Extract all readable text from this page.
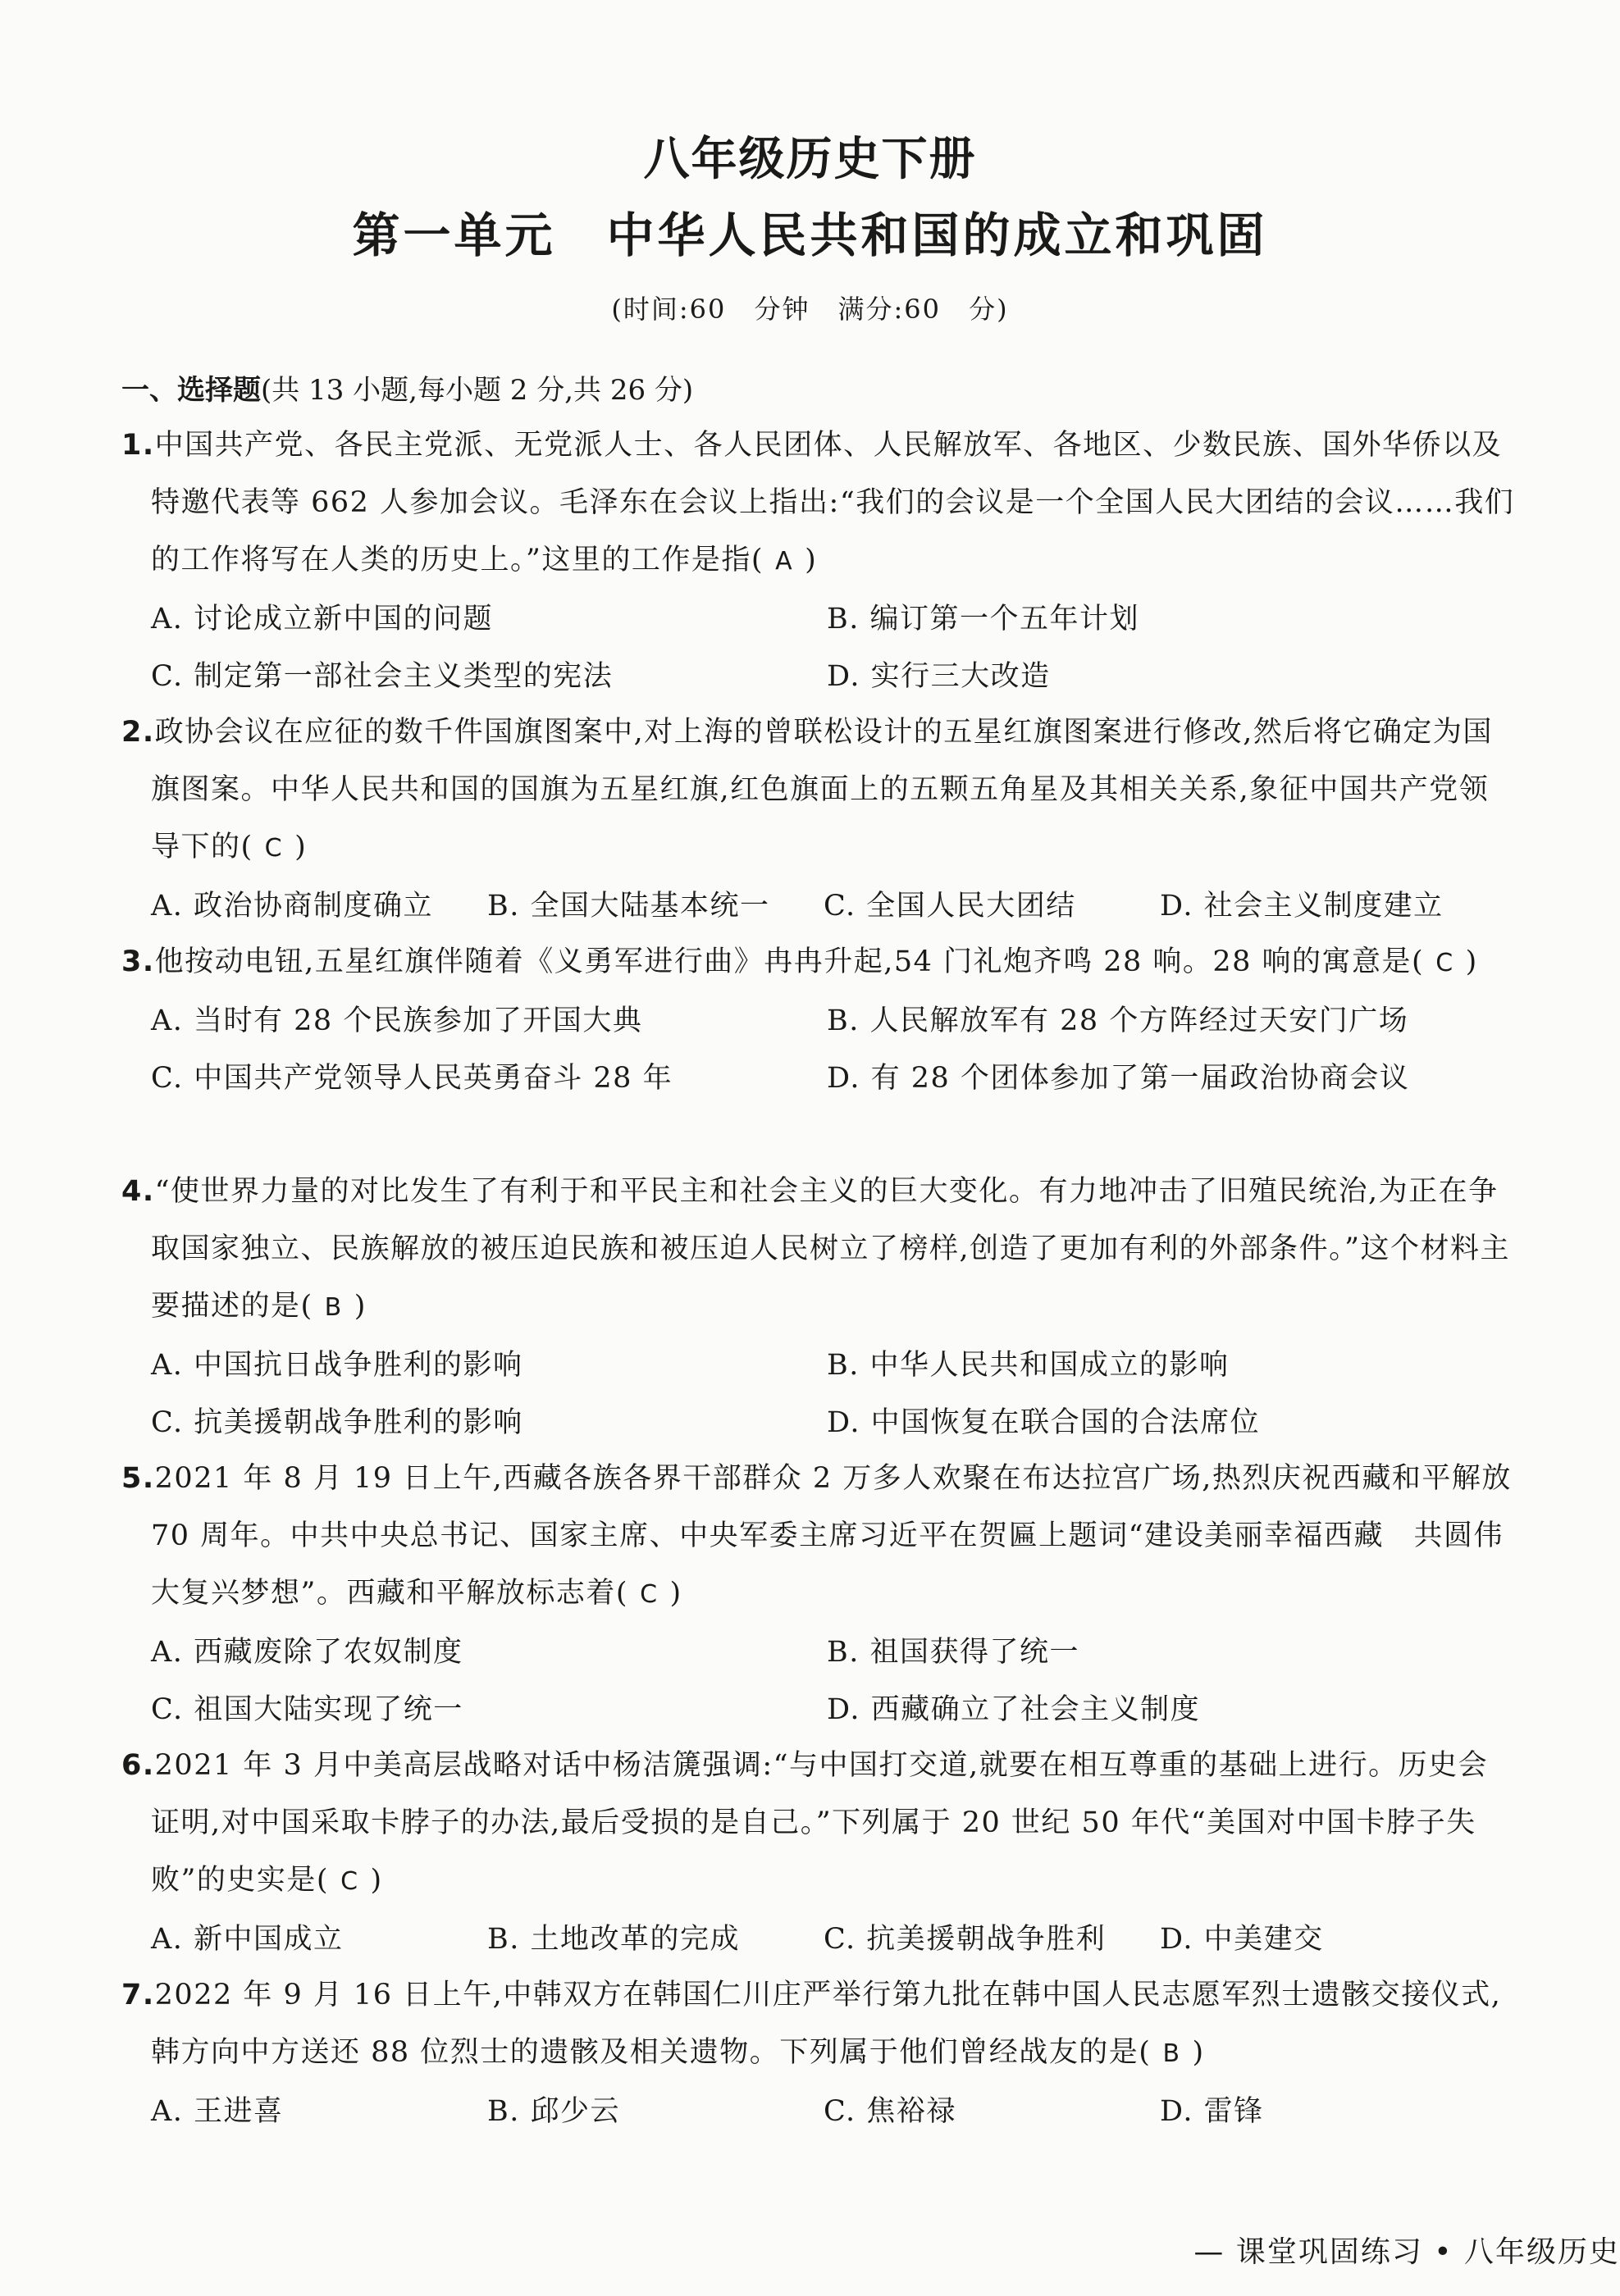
八年级历史下册
第一单元　中华人民共和国的成立和巩固
(时间:60 分钟　满分:60 分)
一、选择题(共 13 小题,每小题 2 分,共 26 分)
1.中国共产党、各民主党派、无党派人士、各人民团体、人民解放军、各地区、少数民族、国外华侨以及特邀代表等 662 人参加会议。毛泽东在会议上指出:“我们的会议是一个全国人民大团结的会议……我们的工作将写在人类的历史上。”这里的工作是指( A )
A. 讨论成立新中国的问题	B. 编订第一个五年计划
C. 制定第一部社会主义类型的宪法	D. 实行三大改造
2.政协会议在应征的数千件国旗图案中,对上海的曾联松设计的五星红旗图案进行修改,然后将它确定为国旗图案。中华人民共和国的国旗为五星红旗,红色旗面上的五颗五角星及其相关关系,象征中国共产党领导下的( C )
A. 政治协商制度确立 B. 全国大陆基本统一 C. 全国人民大团结	D. 社会主义制度建立
3.他按动电钮,五星红旗伴随着《义勇军进行曲》冉冉升起,54 门礼炮齐鸣 28 响。28 响的寓意是( C )
A. 当时有 28 个民族参加了开国大典	B. 人民解放军有 28 个方阵经过天安门广场
C. 中国共产党领导人民英勇奋斗 28 年	D. 有 28 个团体参加了第一届政治协商会议
4.“使世界力量的对比发生了有利于和平民主和社会主义的巨大变化。有力地冲击了旧殖民统治,为正在争取国家独立、民族解放的被压迫民族和被压迫人民树立了榜样,创造了更加有利的外部条件。”这个材料主要描述的是( B )
A. 中国抗日战争胜利的影响	B. 中华人民共和国成立的影响
C. 抗美援朝战争胜利的影响	D. 中国恢复在联合国的合法席位
5.2021 年 8 月 19 日上午,西藏各族各界干部群众 2 万多人欢聚在布达拉宫广场,热烈庆祝西藏和平解放 70 周年。中共中央总书记、国家主席、中央军委主席习近平在贺匾上题词“建设美丽幸福西藏　共圆伟大复兴梦想”。西藏和平解放标志着( C )
A. 西藏废除了农奴制度	B. 祖国获得了统一
C. 祖国大陆实现了统一	D. 西藏确立了社会主义制度
6.2021 年 3 月中美高层战略对话中杨洁篪强调:“与中国打交道,就要在相互尊重的基础上进行。历史会证明,对中国采取卡脖子的办法,最后受损的是自己。”下列属于 20 世纪 50 年代“美国对中国卡脖子失败”的史实是( C )
A. 新中国成立	B. 土地改革的完成	C. 抗美援朝战争胜利 D. 中美建交
7.2022 年 9 月 16 日上午,中韩双方在韩国仁川庄严举行第九批在韩中国人民志愿军烈士遗骸交接仪式,韩方向中方送还 88 位烈士的遗骸及相关遗物。下列属于他们曾经战友的是( B )
A. 王进喜	B. 邱少云	C. 焦裕禄	D. 雷锋
— 课堂巩固练习 • 八年级历史
